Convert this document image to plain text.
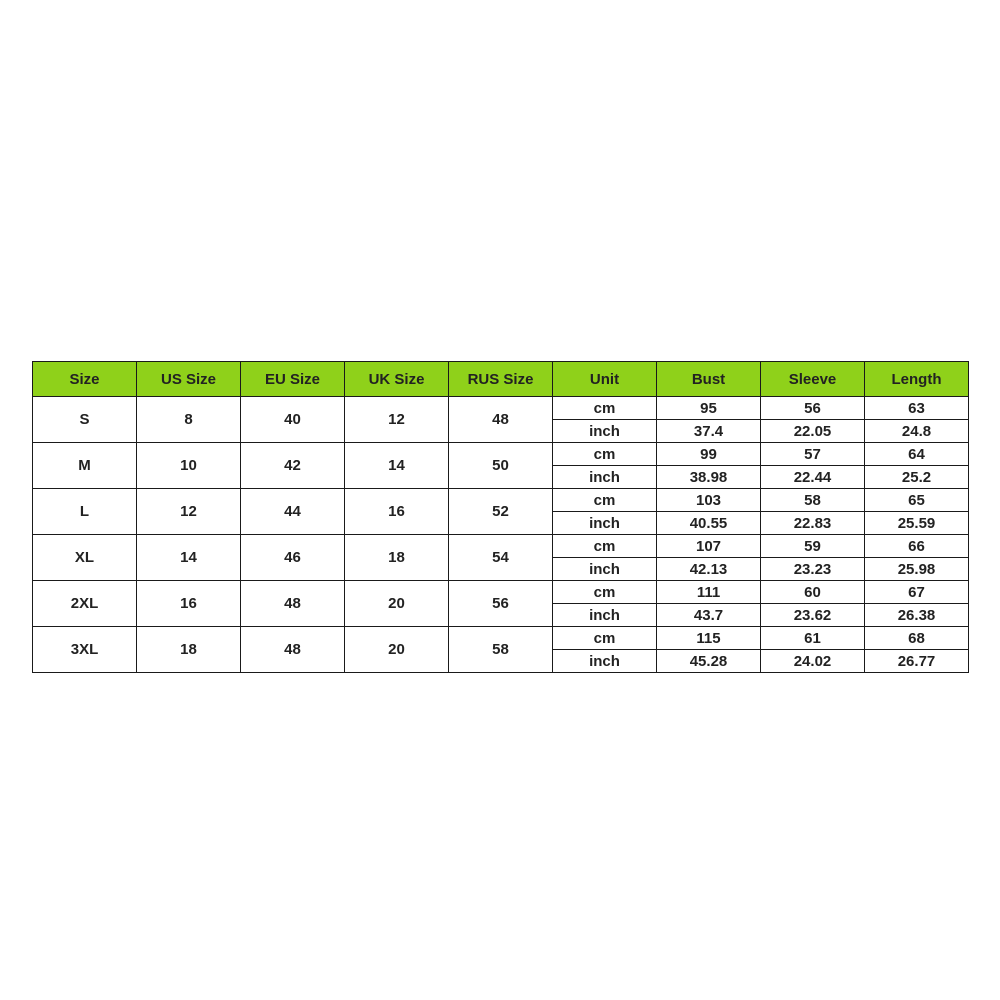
Size	US Size	EU Size	UK Size	RUS Size	Unit	Bust	Sleeve	Length
S	8	40	12	48	cm	95	56	63
					inch	37.4	22.05	24.8
M	10	42	14	50	cm	99	57	64
					inch	38.98	22.44	25.2
L	12	44	16	52	cm	103	58	65
					inch	40.55	22.83	25.59
XL	14	46	18	54	cm	107	59	66
					inch	42.13	23.23	25.98
2XL	16	48	20	56	cm	111	60	67
					inch	43.7	23.62	26.38
3XL	18	48	20	58	cm	115	61	68
					inch	45.28	24.02	26.77
